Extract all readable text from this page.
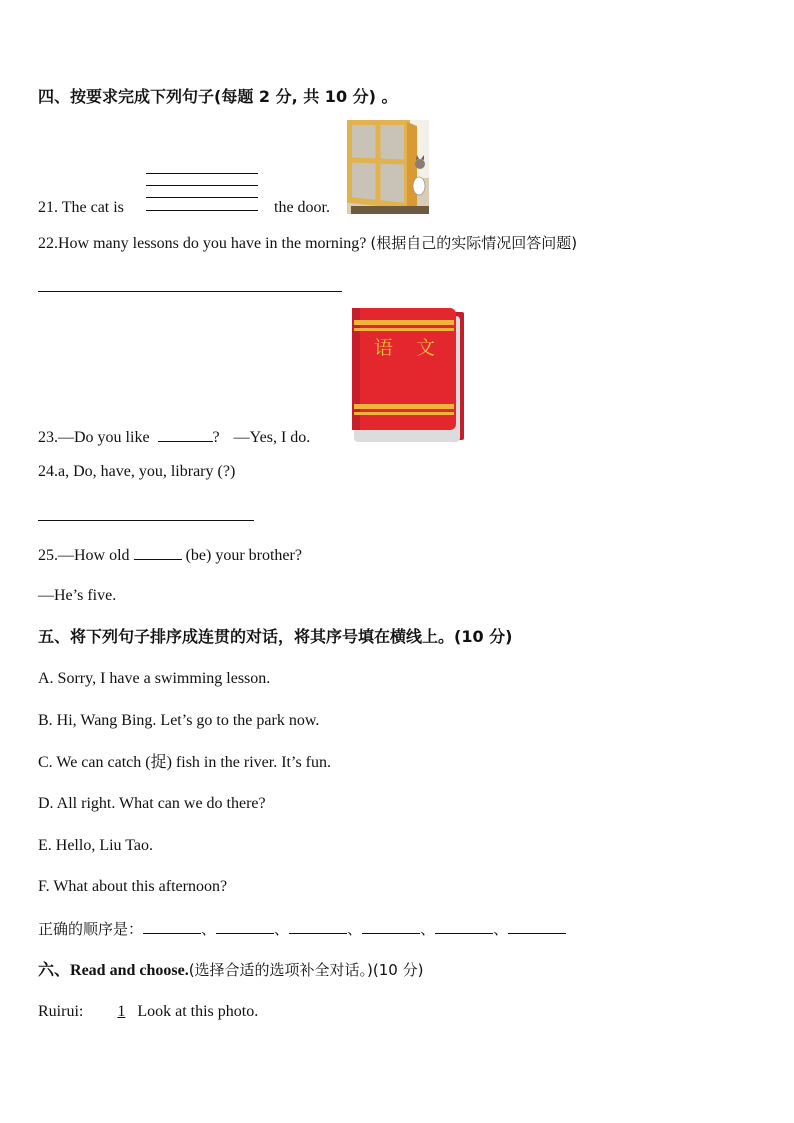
四、按要求完成下列句子(每题 2 分, 共 10 分) 。
21. The cat is	the door.
22.How many lessons do you have in the morning? (根据自己的实际情况回答问题)
语 文
23.—Do you like	? —Yes, I do.
24.a, Do, have, you, library (?)
25.—How old	(be) your brother?
—He’s five.
五、将下列句子排序成连贯的对话，将其序号填在横线上。(10 分)
A. Sorry, I have a swimming lesson.
B. Hi, Wang Bing. Let’s go to the park now.
C. We can catch (捉) fish in the river. It’s fun.
D. All right. What can we do there?
E. Hello, Liu Tao.
F. What about this afternoon?
正确的顺序是：	、	、	、	、	、
六、Read and choose.(选择合适的选项补全对话。)(10 分)
Ruirui: 1 Look at this photo.
